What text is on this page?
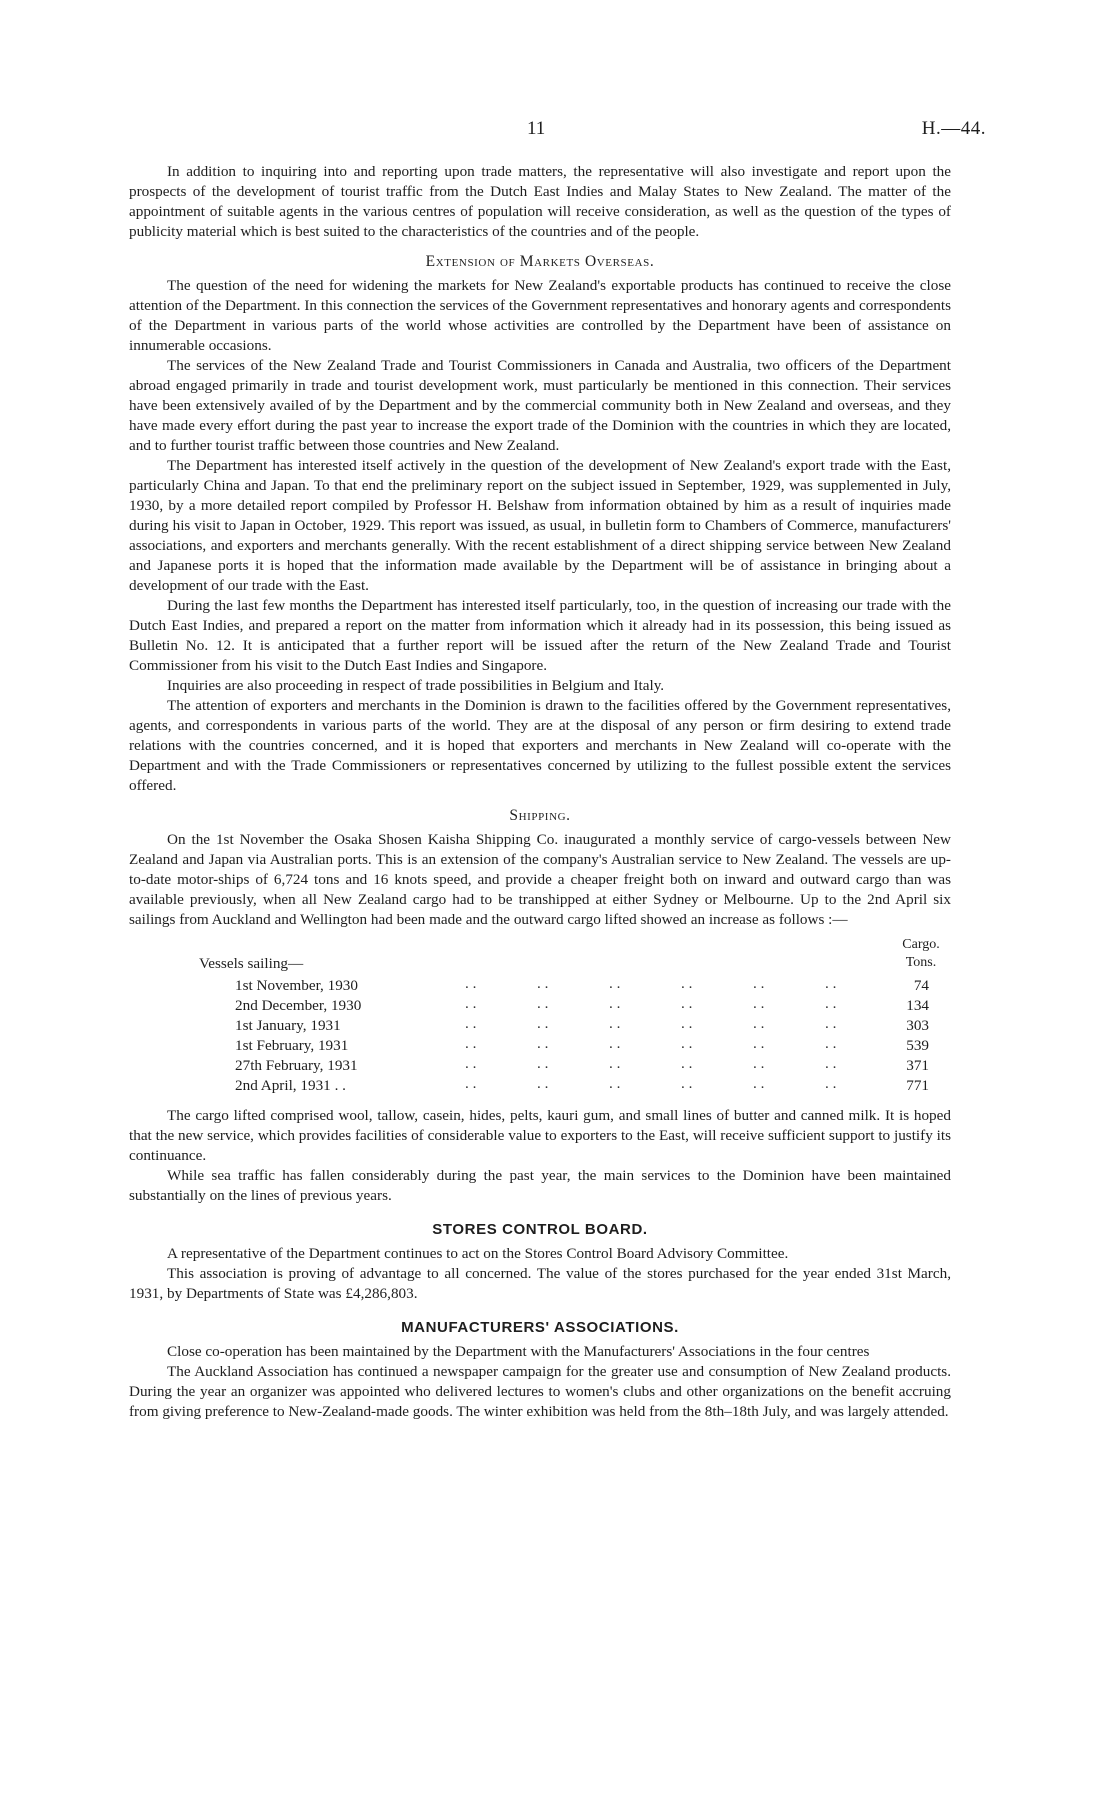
11	H.—44.

In addition to inquiring into and reporting upon trade matters, the representative will also investigate and report upon the prospects of the development of tourist traffic from the Dutch East Indies and Malay States to New Zealand. The matter of the appointment of suitable agents in the various centres of population will receive consideration, as well as the question of the types of publicity material which is best suited to the characteristics of the countries and of the people.

Extension of Markets Overseas.

The question of the need for widening the markets for New Zealand's exportable products has continued to receive the close attention of the Department. In this connection the services of the Government representatives and honorary agents and correspondents of the Department in various parts of the world whose activities are controlled by the Department have been of assistance on innumerable occasions.

The services of the New Zealand Trade and Tourist Commissioners in Canada and Australia, two officers of the Department abroad engaged primarily in trade and tourist development work, must particularly be mentioned in this connection. Their services have been extensively availed of by the Department and by the commercial community both in New Zealand and overseas, and they have made every effort during the past year to increase the export trade of the Dominion with the countries in which they are located, and to further tourist traffic between those countries and New Zealand.

The Department has interested itself actively in the question of the development of New Zealand's export trade with the East, particularly China and Japan. To that end the preliminary report on the subject issued in September, 1929, was supplemented in July, 1930, by a more detailed report compiled by Professor H. Belshaw from information obtained by him as a result of inquiries made during his visit to Japan in October, 1929. This report was issued, as usual, in bulletin form to Chambers of Commerce, manufacturers' associations, and exporters and merchants generally. With the recent establishment of a direct shipping service between New Zealand and Japanese ports it is hoped that the information made available by the Department will be of assistance in bringing about a development of our trade with the East.

During the last few months the Department has interested itself particularly, too, in the question of increasing our trade with the Dutch East Indies, and prepared a report on the matter from information which it already had in its possession, this being issued as Bulletin No. 12. It is anticipated that a further report will be issued after the return of the New Zealand Trade and Tourist Commissioner from his visit to the Dutch East Indies and Singapore.

Inquiries are also proceeding in respect of trade possibilities in Belgium and Italy.

The attention of exporters and merchants in the Dominion is drawn to the facilities offered by the Government representatives, agents, and correspondents in various parts of the world. They are at the disposal of any person or firm desiring to extend trade relations with the countries concerned, and it is hoped that exporters and merchants in New Zealand will co-operate with the Department and with the Trade Commissioners or representatives concerned by utilizing to the fullest possible extent the services offered.

Shipping.

On the 1st November the Osaka Shosen Kaisha Shipping Co. inaugurated a monthly service of cargo-vessels between New Zealand and Japan via Australian ports. This is an extension of the company's Australian service to New Zealand. The vessels are up-to-date motor-ships of 6,724 tons and 16 knots speed, and provide a cheaper freight both on inward and outward cargo than was available previously, when all New Zealand cargo had to be transhipped at either Sydney or Melbourne. Up to the 2nd April six sailings from Auckland and Wellington had been made and the outward cargo lifted showed an increase as follows :—

Cargo.
Tons.
Vessels sailing—
1st November, 1930	. .	. .	. .	. .	. .	. .	74
2nd December, 1930	. .	. .	. .	. .	. .	. .	134
1st January, 1931	. .	. .	. .	. .	. .	. .	303
1st February, 1931	. .	. .	. .	. .	. .	. .	539
27th February, 1931	. .	. .	. .	. .	. .	. .	371
2nd April, 1931 . .	. .	. .	. .	. .	. .	. .	771

The cargo lifted comprised wool, tallow, casein, hides, pelts, kauri gum, and small lines of butter and canned milk. It is hoped that the new service, which provides facilities of considerable value to exporters to the East, will receive sufficient support to justify its continuance.

While sea traffic has fallen considerably during the past year, the main services to the Dominion have been maintained substantially on the lines of previous years.

STORES CONTROL BOARD.

A representative of the Department continues to act on the Stores Control Board Advisory Committee.

This association is proving of advantage to all concerned. The value of the stores purchased for the year ended 31st March, 1931, by Departments of State was £4,286,803.

MANUFACTURERS' ASSOCIATIONS.

Close co-operation has been maintained by the Department with the Manufacturers' Associations in the four centres

The Auckland Association has continued a newspaper campaign for the greater use and consumption of New Zealand products. During the year an organizer was appointed who delivered lectures to women's clubs and other organizations on the benefit accruing from giving preference to New-Zealand-made goods. The winter exhibition was held from the 8th–18th July, and was largely attended.
